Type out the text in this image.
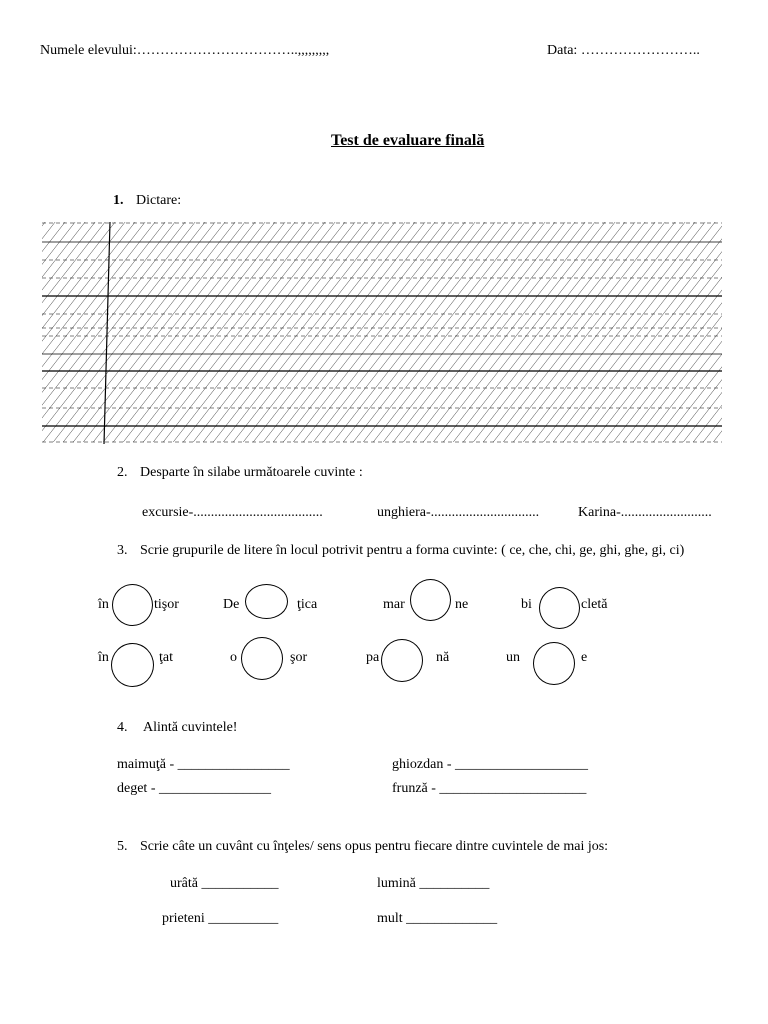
Numele elevului:……………………………..,,,,,,,,,	Data: ……………………..
Test de evaluare finală
1. Dictare:
2. Desparte în silabe următoarele cuvinte :
excursie-.....................................	unghiera-...............................	Karina-..........................
3. Scrie grupurile de litere în locul potrivit pentru a forma cuvinte: ( ce, che, chi, ge, ghi, ghe, gi, ci)
în	tişor	De	ţica	mar	ne	bi	cletă
în	ţat	o	şor	pa	nă	un	e
4. Alintă cuvintele!
maimuţă - ________________	ghiozdan - ___________________
deget - ________________	frunză - _____________________
5. Scrie câte un cuvânt cu înţeles/ sens opus pentru fiecare dintre cuvintele de mai jos:
urâtă ___________	lumină __________
prieteni __________	mult _____________
